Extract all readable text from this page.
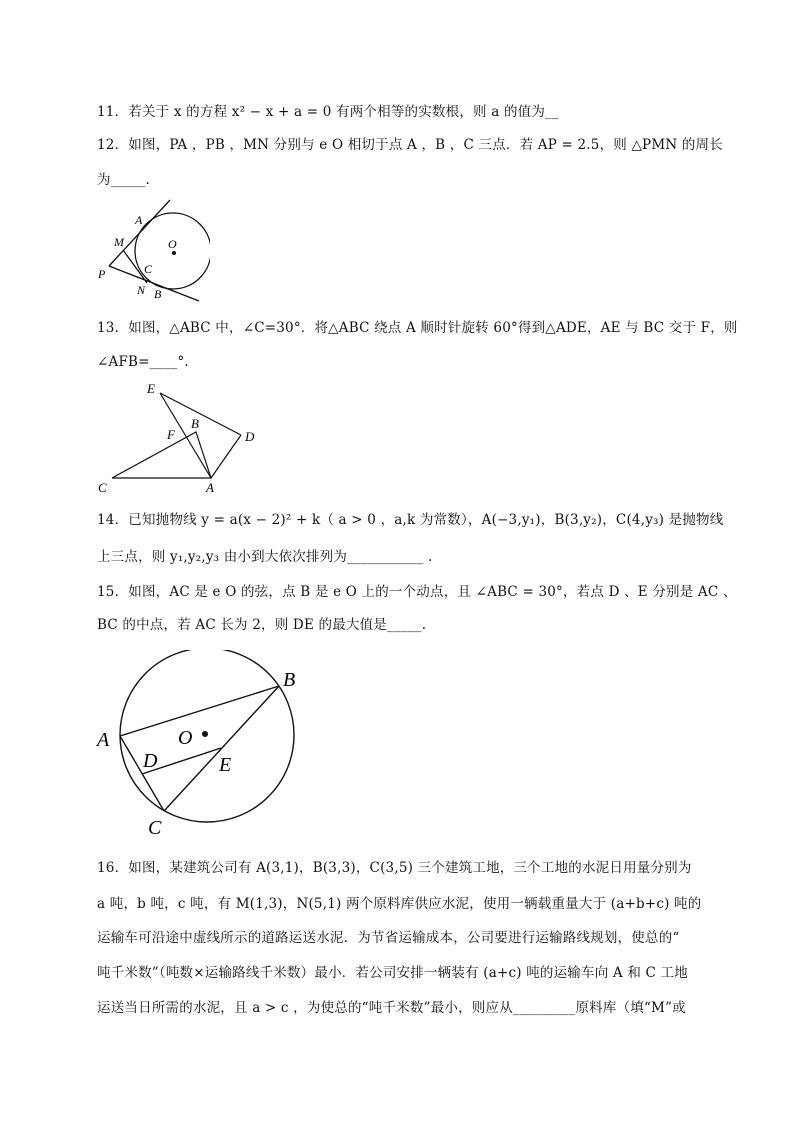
11．若关于 x 的方程 x² − x + a = 0 有两个相等的实数根，则 a 的值为__
12．如图，PA ，PB ，MN 分别与 e O 相切于点 A ，B ，C 三点．若 AP = 2.5，则 △PMN 的周长
为_____.
A
M	O
P	C
N B
13．如图，△ABC 中，∠C=30°．将△ABC 绕点 A 顺时针旋转 60°得到△ADE，AE 与 BC 交于 F，则
∠AFB=____°.
E
B
F	D
C	A
14．已知抛物线 y = a(x − 2)² + k（ a > 0 ，a,k 为常数），A(−3,y₁)，B(3,y₂)，C(4,y₃) 是抛物线
上三点，则 y₁,y₂,y₃ 由小到大依次排列为___________ .
15．如图，AC 是 e O 的弦，点 B 是 e O 上的一个动点，且 ∠ABC = 30°，若点 D 、E 分别是 AC 、
BC 的中点，若 AC 长为 2，则 DE 的最大值是_____.
A
B
O
D	E
C
16．如图，某建筑公司有 A(3,1)，B(3,3)，C(3,5) 三个建筑工地，三个工地的水泥日用量分别为
a 吨，b 吨，c 吨，有 M(1,3)，N(5,1) 两个原料库供应水泥，使用一辆载重量大于 (a+b+c) 吨的
运输车可沿途中虚线所示的道路运送水泥．为节省运输成本，公司要进行运输路线规划，使总的“
吨千米数”（吨数×运输路线千米数）最小．若公司安排一辆装有 (a+c) 吨的运输车向 A 和 C 工地
运送当日所需的水泥，且 a > c ，为使总的“吨千米数”最小，则应从_________原料库（填“M”或
